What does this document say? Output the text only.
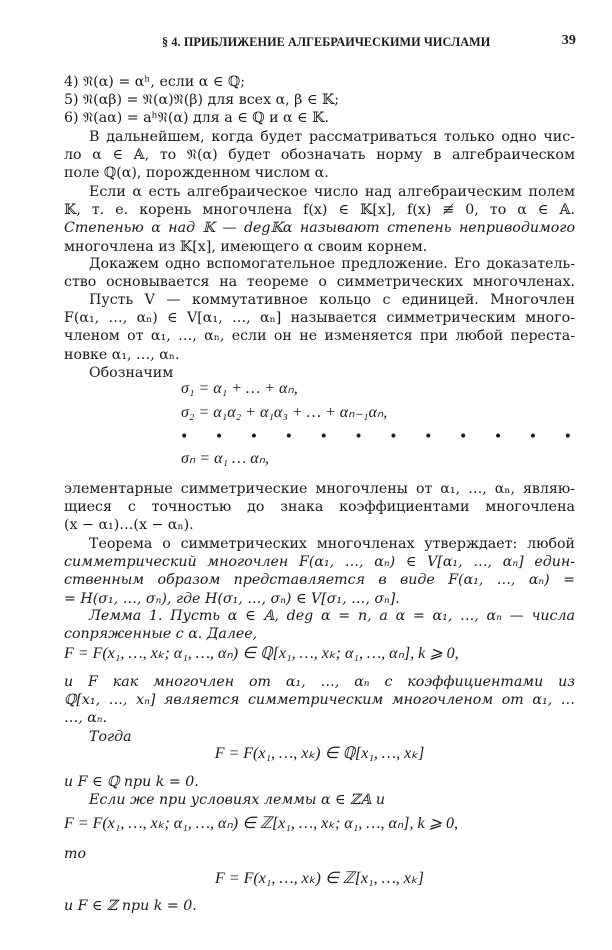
§ 4. ПРИБЛИЖЕНИЕ АЛГЕБРАИЧЕСКИМИ ЧИСЛАМИ	39
4) 𝔑(α) = αʰ, если α ∈ ℚ;
5) 𝔑(αβ) = 𝔑(α)𝔑(β) для всех α, β ∈ 𝕂;
6) 𝔑(aα) = aʰ𝔑(α) для a ∈ ℚ и α ∈ 𝕂.
В дальнейшем, когда будет рассматриваться только одно чис-
ло α ∈ 𝔸, то 𝔑(α) будет обозначать норму в алгебраическом
поле ℚ(α), порожденном числом α.
Если α есть алгебраическое число над алгебраическим полем
𝕂, т. е. корень многочлена f(x) ∈ 𝕂[x], f(x) ≢ 0, то α ∈ 𝔸.
Степенью α над 𝕂 — deg𝕂α называют степень неприводимого
многочлена из 𝕂[x], имеющего α своим корнем.
Докажем одно вспомогательное предложение. Его доказатель-
ство основывается на теореме о симметрических многочленах.
Пусть V — коммутативное кольцо с единицей. Многочлен
F(α₁, …, αₙ) ∈ V[α₁, …, αₙ] называется симметрическим много-
членом от α₁, …, αₙ, если он не изменяется при любой переста-
новке α₁, …, αₙ.
Обозначим
σ₁ = α₁ + … + αₙ,
σ₂ = α₁α₂ + α₁α₃ + … + αₙ₋₁αₙ,
• • • • • • • • • • • •
σₙ = α₁ … αₙ,
элементарные симметрические многочлены от α₁, …, αₙ, являю-
щиеся с точностью до знака коэффициентами многочлена
(x − α₁)…(x − αₙ).
Теорема о симметрических многочленах утверждает: любой
симметрический многочлен F(α₁, …, αₙ) ∈ V[α₁, …, αₙ] един-
ственным образом представляется в виде F(α₁, …, αₙ) =
= H(σ₁, …, σₙ), где H(σ₁, …, σₙ) ∈ V[σ₁, …, σₙ].
Лемма 1. Пусть α ∈ 𝔸, deg α = n, а α = α₁, …, αₙ — числа
сопряженные с α. Далее,
F = F(x₁, …, xₖ; α₁, …, αₙ) ∈ ℚ[x₁, …, xₖ; α₁, …, αₙ], k ⩾ 0,
и F как многочлен от α₁, …, αₙ с коэффициентами из
ℚ[x₁, …, xₙ] является симметрическим многочленом от α₁, …
…, αₙ.
Тогда
F = F(x₁, …, xₖ) ∈ ℚ[x₁, …, xₖ]
и F ∈ ℚ при k = 0.
Если же при условиях леммы α ∈ ℤ𝔸 и
F = F(x₁, …, xₖ; α₁, …, αₙ) ∈ ℤ[x₁, …, xₖ; α₁, …, αₙ], k ⩾ 0,
то
F = F(x₁, …, xₖ) ∈ ℤ[x₁, …, xₖ]
и F ∈ ℤ при k = 0.
